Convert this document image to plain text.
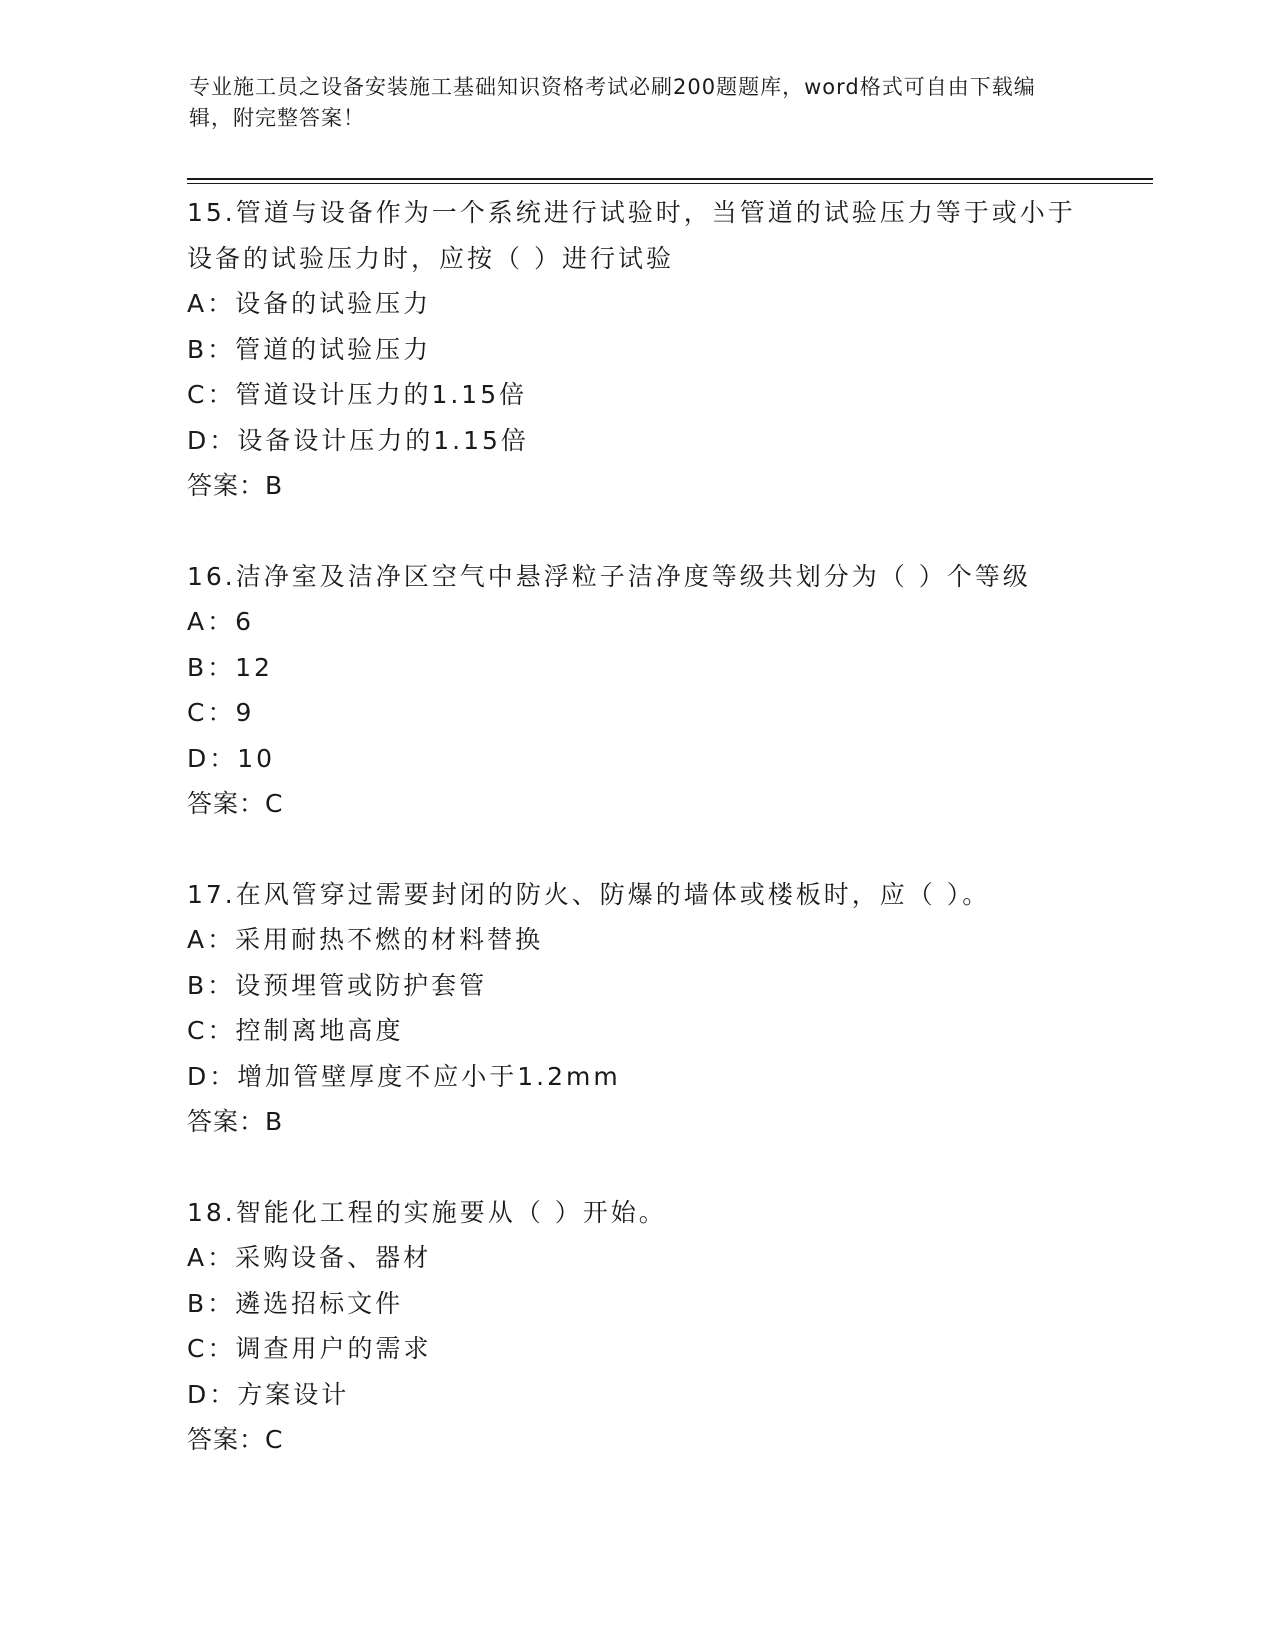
专业施工员之设备安装施工基础知识资格考试必刷200题题库，word格式可自由下载编辑，附完整答案！
15.管道与设备作为一个系统进行试验时，当管道的试验压力等于或小于设备的试验压力时，应按（ ）进行试验
A：设备的试验压力
B：管道的试验压力
C：管道设计压力的1.15倍
D：设备设计压力的1.15倍
答案：B
16.洁净室及洁净区空气中悬浮粒子洁净度等级共划分为（ ）个等级
A：6
B：12
C：9
D：10
答案：C
17.在风管穿过需要封闭的防火、防爆的墙体或楼板时，应（ ）。
A：采用耐热不燃的材料替换
B：设预埋管或防护套管
C：控制离地高度
D：增加管壁厚度不应小于1.2mm
答案：B
18.智能化工程的实施要从（ ）开始。
A：采购设备、器材
B：遴选招标文件
C：调查用户的需求
D：方案设计
答案：C
